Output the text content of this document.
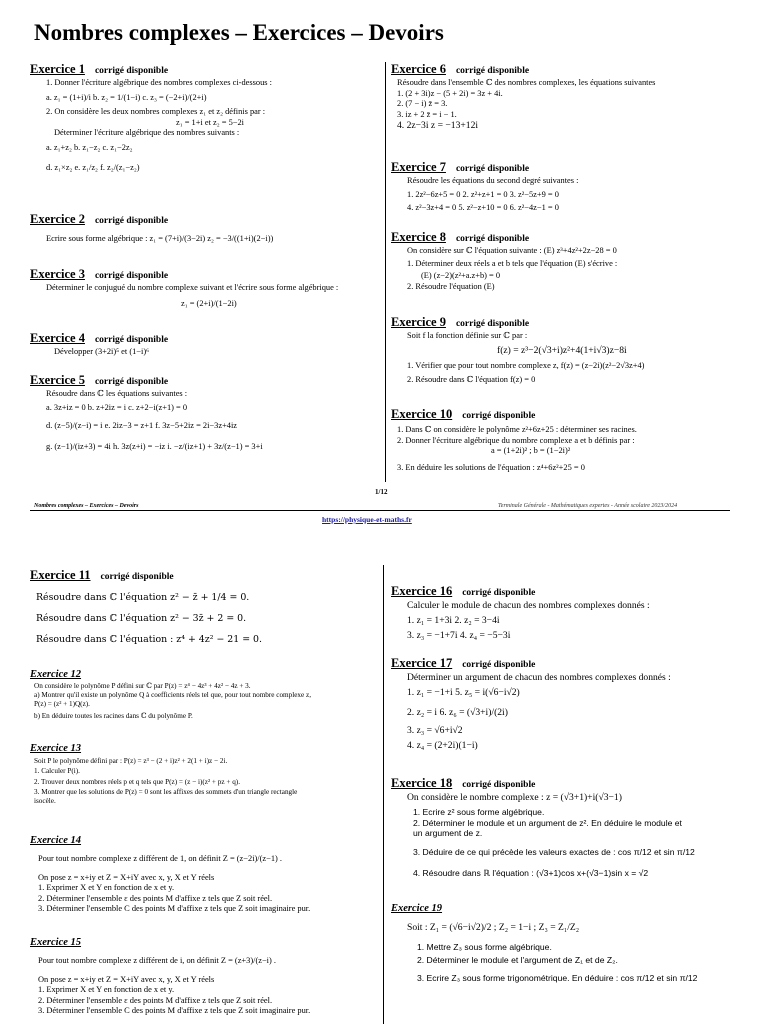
Nombres complexes – Exercices – Devoirs
Exercice 1 corrigé disponible
1. Donner l'écriture algébrique des nombres complexes ci-dessous :
a. z₁ = (1+i)/i b. z₂ = 1/(1−i) c. z₃ = (−2+i)/(2+i)
2. On considère les deux nombres complexes z₁ et z₂ définis par :
z₁ = 1+i et z₂ = 5−2i
Déterminer l'écriture algébrique des nombres suivants :
a. z₁+z₂ b. z₁−z₂ c. z₁−2z₂
d. z₁×z₂ e. z₁/z₂ f. z₂/(z₁−z₂)
Exercice 2 corrigé disponible
Ecrire sous forme algébrique : z₁ = (7+i)/(3−2i) z₂ = −3/((1+i)(2−i))
Exercice 3 corrigé disponible
Déterminer le conjugué du nombre complexe suivant et l'écrire sous forme algébrique :
z₁ = (2+i)/(1−2i)
Exercice 4 corrigé disponible
Développer (3+2i)⁵ et (1−i)⁶
Exercice 5 corrigé disponible
Résoudre dans ℂ les équations suivantes :
a. 3z+iz = 0 b. z+2iz = i c. z+2−i(z+1) = 0
d. (z−5)/(z−i) = i e. 2iz−3 = z+1 f. 3z−5+2iz = 2i−3z+4iz
g. (z−1)/(iz+3) = 4i h. 3z(z+i) = −iz i. −z/(iz+1) + 3z/(z−1) = 3+i
Exercice 6 corrigé disponible
Résoudre dans l'ensemble ℂ des nombres complexes, les équations suivantes
1. (2 + 3i)z − (5 + 2i) = 3z + 4i.
2. (7 − i) z̄ = 3.
3. iz + 2 z̄ = i − 1.
4. 2z−3i z = −13+12i
Exercice 7 corrigé disponible
Résoudre les équations du second degré suivantes :
1. 2z²−6z+5 = 0 2. z²+z+1 = 0 3. z²−5z+9 = 0
4. z²−3z+4 = 0 5. z²−z+10 = 0 6. z²−4z−1 = 0
Exercice 8 corrigé disponible
On considère sur ℂ l'équation suivante : (E) z³+4z²+2z−28 = 0
1. Déterminer deux réels a et b tels que l'équation (E) s'écrive :
(E) (z−2)(z²+a.z+b) = 0
2. Résoudre l'équation (E)
Exercice 9 corrigé disponible
Soit f la fonction définie sur ℂ par :
f(z) = z³−2(√3+i)z²+4(1+i√3)z−8i
1. Vérifier que pour tout nombre complexe z, f(z) = (z−2i)(z²−2√3z+4)
2. Résoudre dans ℂ l'équation f(z) = 0
Exercice 10 corrigé disponible
1. Dans ℂ on considère le polynôme z²+6z+25 : déterminer ses racines.
2. Donner l'écriture algébrique du nombre complexe a et b définis par :
a = (1+2i)² ; b = (1−2i)²
3. En déduire les solutions de l'équation : z⁴+6z²+25 = 0
1/12
Nombres complexes – Exercices – Devoirs	Terminale Générale - Mathématiques expertes - Année scolaire 2023/2024
https://physique-et-maths.fr
Exercice 11 corrigé disponible
Résoudre dans ℂ l'équation z² − z̄ + 1/4 = 0.
Résoudre dans ℂ l'équation z² − 3z̄ + 2 = 0.
Résoudre dans ℂ l'équation : z⁴ + 4z² − 21 = 0.
Exercice 12
On considère le polynôme P défini sur ℂ par P(z) = z⁴ − 4z³ + 4z² − 4z + 3.
a) Montrer qu'il existe un polynôme Q à coefficients réels tel que, pour tout nombre complexe z,
P(z) = (z² + 1)Q(z).
b) En déduire toutes les racines dans ℂ du polynôme P.
Exercice 13
Soit P le polynôme défini par : P(z) = z³ − (2 + i)z² + 2(1 + i)z − 2i.
1. Calculer P(i).
2. Trouver deux nombres réels p et q tels que P(z) = (z − i)(z² + pz + q).
3. Montrer que les solutions de P(z) = 0 sont les affixes des sommets d'un triangle rectangle
isocèle.
Exercice 14
Pour tout nombre complexe z différent de 1, on définit Z = (z−2i)/(z−1) .
On pose z = x+iy et Z = X+iY avec x, y, X et Y réels
1. Exprimer X et Y en fonction de x et y.
2. Déterminer l'ensemble ε des points M d'affixe z tels que Z soit réel.
3. Déterminer l'ensemble C des points M d'affixe z tels que Z soit imaginaire pur.
Exercice 15
Pour tout nombre complexe z différent de i, on définit Z = (z+3)/(z−i) .
On pose z = x+iy et Z = X+iY avec x, y, X et Y réels
1. Exprimer X et Y en fonction de x et y.
2. Déterminer l'ensemble ε des points M d'affixe z tels que Z soit réel.
3. Déterminer l'ensemble C des points M d'affixe z tels que Z soit imaginaire pur.
Exercice 16 corrigé disponible
Calculer le module de chacun des nombres complexes donnés :
1. z₁ = 1+3i 2. z₂ = 3−4i
3. z₃ = −1+7i 4. z₄ = −5−3i
Exercice 17 corrigé disponible
Déterminer un argument de chacun des nombres complexes donnés :
1. z₁ = −1+i 5. z₅ = i(√6−i√2)
2. z₂ = i 6. z₆ = (√3+i)/(2i)
3. z₃ = √6+i√2
4. z₄ = (2+2i)(1−i)
Exercice 18 corrigé disponible
On considère le nombre complexe : z = (√3+1)+i(√3−1)
1. Ecrire z² sous forme algébrique.
2. Déterminer le module et un argument de z². En déduire le module et
un argument de z.
3. Déduire de ce qui précède les valeurs exactes de : cos π/12 et sin π/12
4. Résoudre dans ℝ l'équation : (√3+1)cos x+(√3−1)sin x = √2
Exercice 19
Soit : Z₁ = (√6−i√2)/2 ; Z₂ = 1−i ; Z₃ = Z₁/Z₂
1. Mettre Z₃ sous forme algébrique.
2. Déterminer le module et l'argument de Z₁ et de Z₂.
3. Ecrire Z₃ sous forme trigonométrique. En déduire : cos π/12 et sin π/12
